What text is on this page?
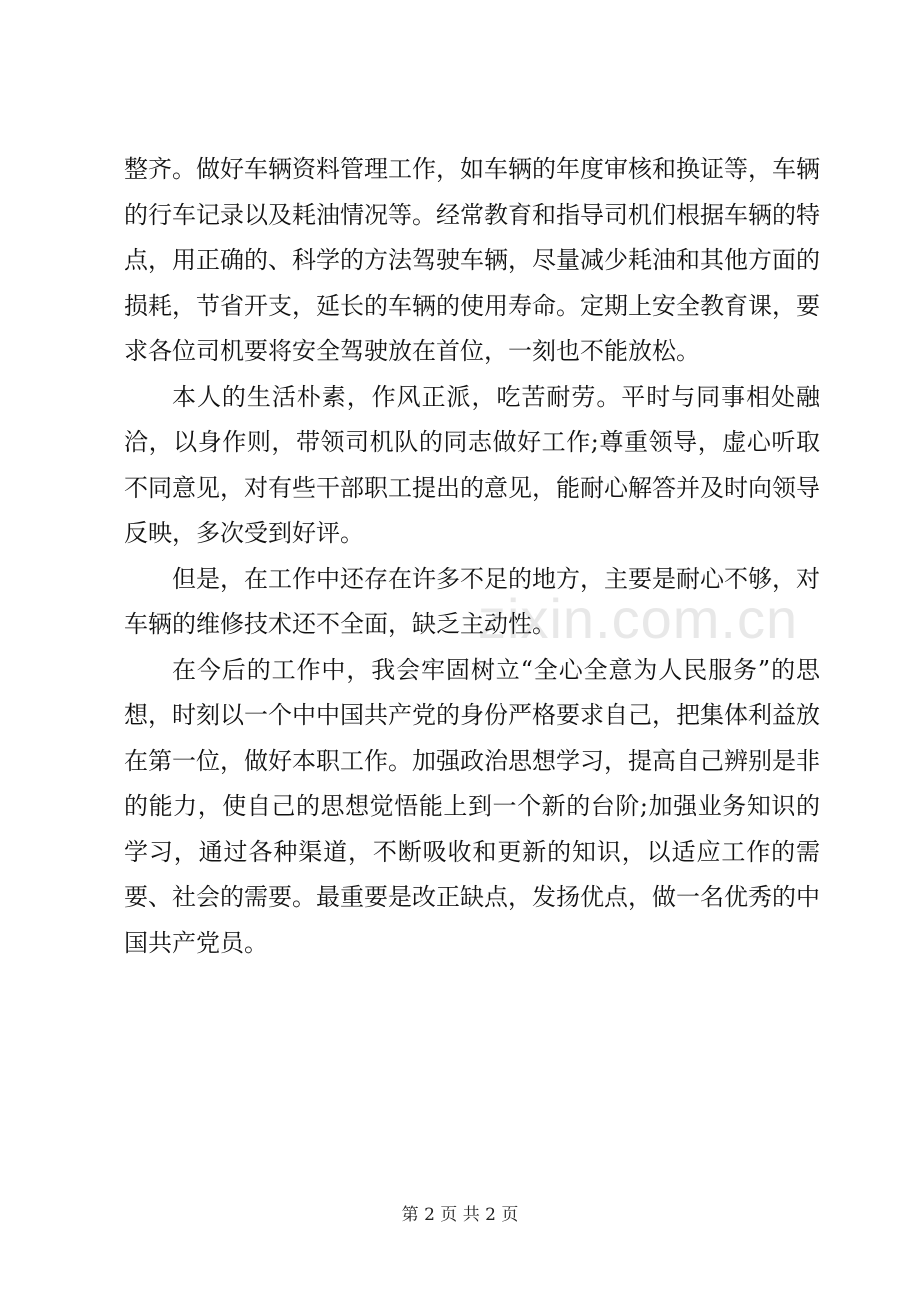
zixin.com.cn

整齐。做好车辆资料管理工作，如车辆的年度审核和换证等，车辆的行车记录以及耗油情况等。经常教育和指导司机们根据车辆的特点，用正确的、科学的方法驾驶车辆，尽量减少耗油和其他方面的损耗，节省开支，延长的车辆的使用寿命。定期上安全教育课，要求各位司机要将安全驾驶放在首位，一刻也不能放松。

本人的生活朴素，作风正派，吃苦耐劳。平时与同事相处融洽，以身作则，带领司机队的同志做好工作;尊重领导，虚心听取不同意见，对有些干部职工提出的意见，能耐心解答并及时向领导反映，多次受到好评。

但是，在工作中还存在许多不足的地方，主要是耐心不够，对车辆的维修技术还不全面，缺乏主动性。

在今后的工作中，我会牢固树立“全心全意为人民服务”的思想，时刻以一个中中国共产党的身份严格要求自己，把集体利益放在第一位，做好本职工作。加强政治思想学习，提高自己辨别是非的能力，使自己的思想觉悟能上到一个新的台阶;加强业务知识的学习，通过各种渠道，不断吸收和更新的知识，以适应工作的需要、社会的需要。最重要是改正缺点，发扬优点，做一名优秀的中国共产党员。

第 2 页 共 2 页
